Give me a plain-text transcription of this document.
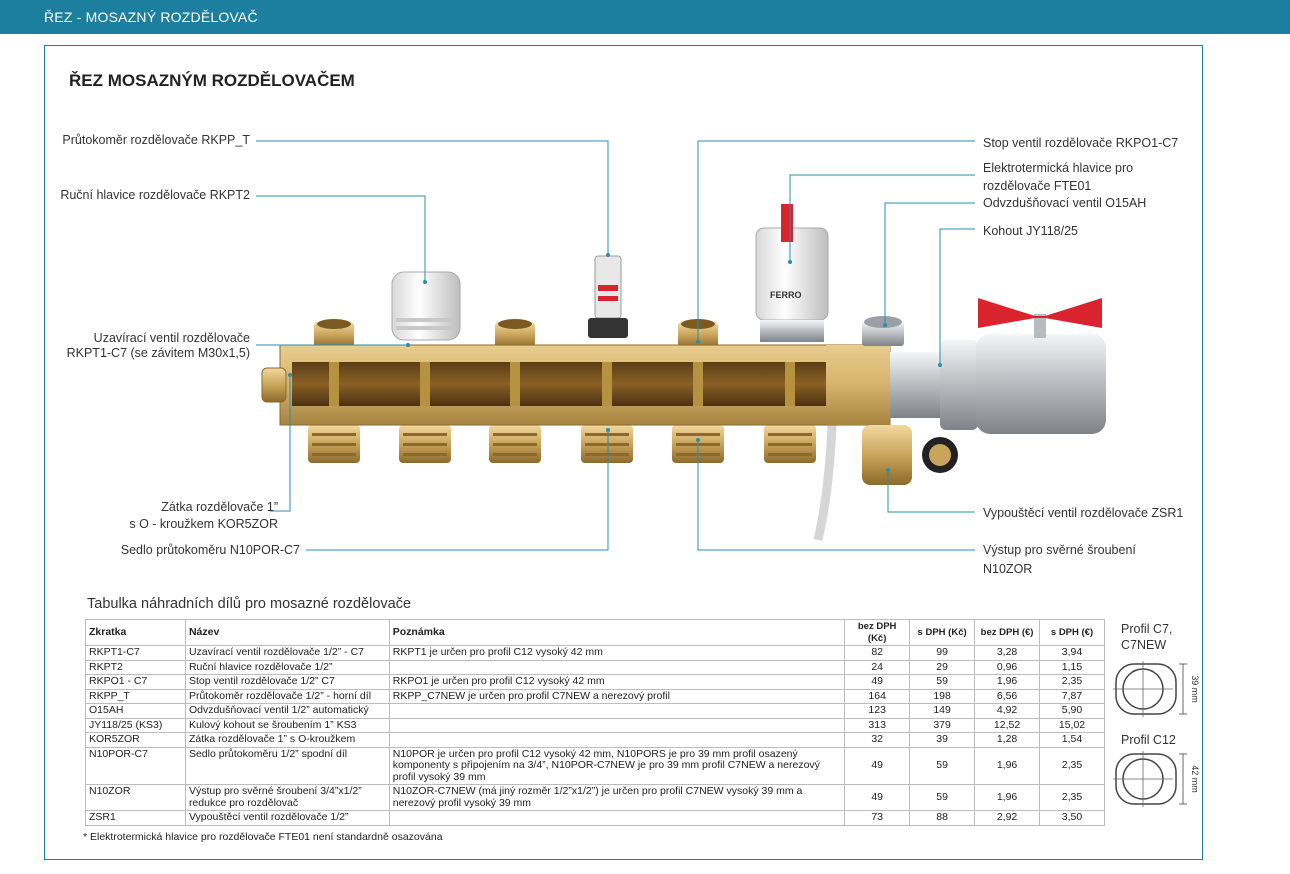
ŘEZ - MOSAZNÝ ROZDĚLOVAČ
ŘEZ MOSAZNÝM ROZDĚLOVAČEM
FERRO
Průtokoměr rozdělovače RKPP_T
Ruční hlavice rozdělovače RKPT2
Uzavírací ventil rozdělovače
RKPT1-C7 (se závitem M30x1,5)
Zátka rozdělovače 1”
s O - kroužkem KOR5ZOR
Sedlo průtokoměru N10POR-C7
Stop ventil rozdělovače RKPO1-C7
Elektrotermická hlavice pro
rozdělovače FTE01
Odvzdušňovací ventil O15AH
Kohout JY118/25
Vypouštěcí ventil rozdělovače ZSR1
Výstup pro svěrné šroubení
N10ZOR
Tabulka náhradních dílů pro mosazné rozdělovače
Zkratka	Název	Poznámka	bez DPH (Kč)	s DPH (Kč)	bez DPH (€)	s DPH (€)
RKPT1-C7	Uzavírací ventil rozdělovače 1/2” - C7	RKPT1 je určen pro profil C12 vysoký 42 mm	82	99	3,28	3,94
RKPT2	Ruční hlavice rozdělovače 1/2”		24	29	0,96	1,15
RKPO1 - C7	Stop ventil rozdělovače 1/2” C7	RKPO1 je určen pro profil C12 vysoký 42 mm	49	59	1,96	2,35
RKPP_T	Průtokoměr rozdělovače 1/2” - horní díl	RKPP_C7NEW je určen pro profil C7NEW a nerezový profil	164	198	6,56	7,87
O15AH	Odvzdušňovací ventil 1/2” automatický		123	149	4,92	5,90
JY118/25 (KS3)	Kulový kohout se šroubením 1” KS3		313	379	12,52	15,02
KOR5ZOR	Zátka rozdělovače 1” s O-kroužkem		32	39	1,28	1,54
N10POR-C7	Sedlo průtokoměru 1/2” spodní díl	N10POR je určen pro profil C12 vysoký 42 mm, N10PORS je pro 39 mm profil osazený komponenty s připojením na 3/4”, N10POR-C7NEW je pro 39 mm profil C7NEW a nerezový profil vysoký 39 mm	49	59	1,96	2,35
N10ZOR	Výstup pro svěrné šroubení 3/4”x1/2” redukce pro rozdělovač	N10ZOR-C7NEW (má jiný rozměr 1/2”x1/2”) je určen pro profil C7NEW vysoký 39 mm a nerezový profil vysoký 39 mm	49	59	1,96	2,35
ZSR1	Vypouštěcí ventil rozdělovače 1/2”		73	88	2,92	3,50
* Elektrotermická hlavice pro rozdělovače FTE01 není standardně osazována
Profil C7,
C7NEW
Profil C12
39 mm
42 mm
